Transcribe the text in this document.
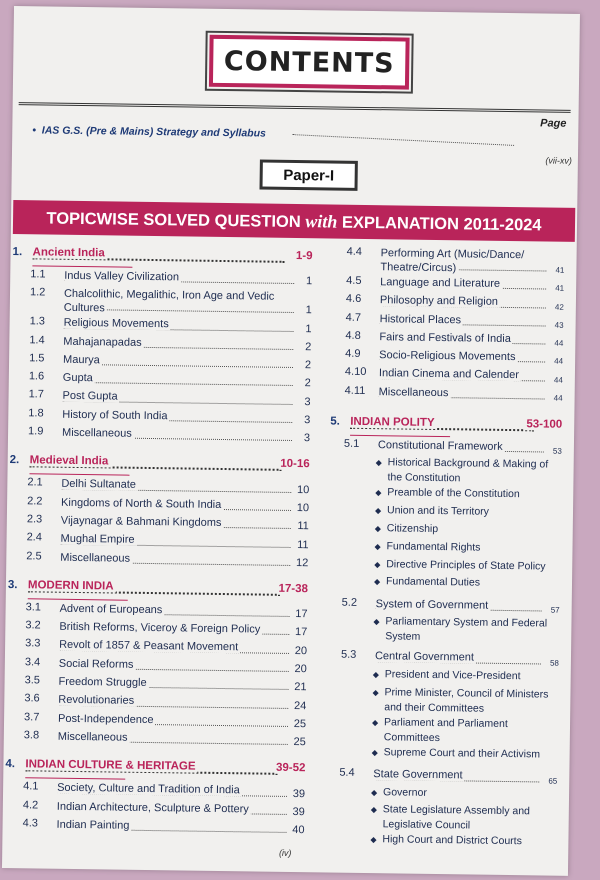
CONTENTS
Page
• IAS G.S. (Pre & Mains) Strategy and Syllabus
(vii-xv)
Paper-I
TOPICWISE SOLVED QUESTION with EXPLANATION 2011-2024
1. Ancient India	1-9
1.1 Indus Valley Civilization	1
1.2 Chalcolithic, Megalithic, Iron Age and Vedic Cultures	1
1.3 Religious Movements	1
1.4 Mahajanapadas	2
1.5 Maurya	2
1.6 Gupta	2
1.7 Post Gupta	3
1.8 History of South India	3
1.9 Miscellaneous	3
2. Medieval India	10-16
2.1 Delhi Sultanate	10
2.2 Kingdoms of North & South India	10
2.3 Vijaynagar & Bahmani Kingdoms	11
2.4 Mughal Empire	11
2.5 Miscellaneous	12
3. MODERN INDIA	17-38
3.1 Advent of Europeans	17
3.2 British Reforms, Viceroy & Foreign Policy	17
3.3 Revolt of 1857 & Peasant Movement	20
3.4 Social Reforms	20
3.5 Freedom Struggle	21
3.6 Revolutionaries	24
3.7 Post-Independence	25
3.8 Miscellaneous	25
4. INDIAN CULTURE & HERITAGE	39-52
4.1 Society, Culture and Tradition of India	39
4.2 Indian Architecture, Sculpture & Pottery	39
4.3 Indian Painting	40
4.4 Performing Art (Music/Dance/ Theatre/Circus)	41
4.5 Language and Literature	41
4.6 Philosophy and Religion	42
4.7 Historical Places	43
4.8 Fairs and Festivals of India	44
4.9 Socio-Religious Movements	44
4.10 Indian Cinema and Calender	44
4.11 Miscellaneous	44
5. INDIAN POLITY	53-100
5.1 Constitutional Framework	53
◆ Historical Background & Making of the Constitution
◆ Preamble of the Constitution
◆ Union and its Territory
◆ Citizenship
◆ Fundamental Rights
◆ Directive Principles of State Policy
◆ Fundamental Duties
5.2 System of Government	57
◆ Parliamentary System and Federal System
5.3 Central Government	58
◆ President and Vice-President
◆ Prime Minister, Council of Ministers and their Committees
◆ Parliament and Parliament Committees
◆ Supreme Court and their Activism
5.4 State Government	65
◆ Governor
◆ State Legislature Assembly and Legislative Council
◆ High Court and District Courts
(iv)
